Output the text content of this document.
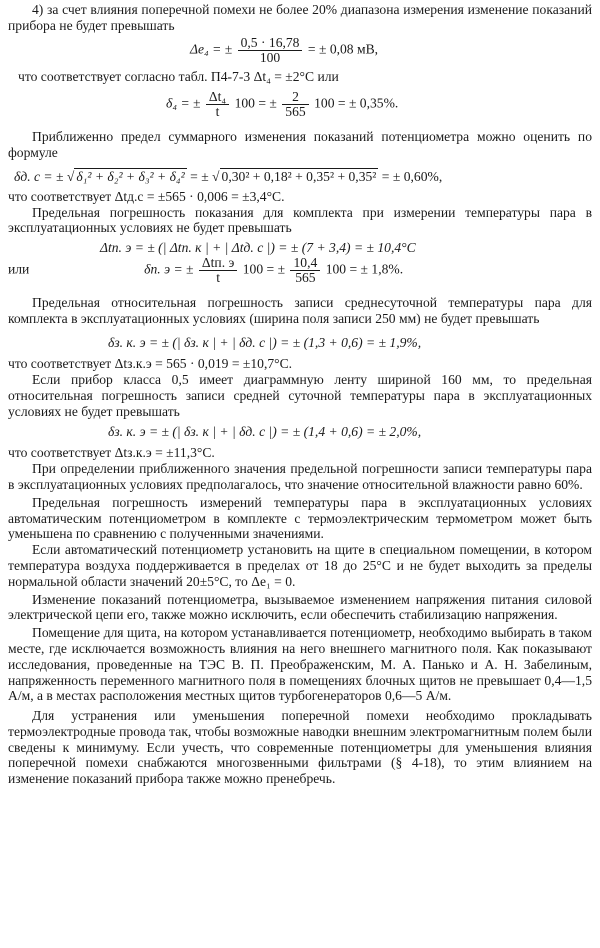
4) за счет влияния поперечной помехи не более 20% диапазона измерения изменение показаний прибора не будет превышать

Δe₄ = ± $\frac{0,5 \cdot 16,78}{100}$ = ± 0,08 мВ,

что соответствует согласно табл. П4-7-3 Δt₄ = ±2°С или

δ₄ = ± $\frac{\text{Δt₄}}{t} 100$ = ± $\frac{2}{565} 100$ = ± 0,35%.

Приближенно предел суммарного изменения показаний потенциометра можно оценить по формуле

δд. с = ± √ δ₁² + δ₂² + δ₃² + δ₄² = ± √ 0,30² + 0,18² + 0,35² + 0,35² = ± 0,60%,

что соответствует Δtд.с = ±565 · 0,006 = ±3,4°С.

Предельная погрешность показания для комплекта при измерении температуры пара в эксплуатационных условиях не будет превышать

Δtп. э = ± (| Δtп. к | + | Δtд. с |) = ± (7 + 3,4) = ± 10,4°С
или	δп. э = ± $\frac{\text{Δtп. э}}{t} 100$ = ± $\frac{10,4}{565} 100$ = ± 1,8%.

Предельная относительная погрешность записи среднесуточной температуры пара для комплекта в эксплуатационных условиях (ширина поля записи 250 мм) не будет превышать

δз. к. э = ± (| δз. к | + | δд. с |) = ± (1,3 + 0,6) = ± 1,9%,

что соответствует Δtз.к.э = 565 · 0,019 = ±10,7°С.

Если прибор класса 0,5 имеет диаграммную ленту шириной 160 мм, то предельная относительная погрешность записи средней суточной температуры пара в эксплуатационных условиях не будет превышать

δз. к. э = ± (| δз. к | + | δд. с |) = ± (1,4 + 0,6) = ± 2,0%,

что соответствует Δtз.к.э = ±11,3°С.

При определении приближенного значения предельной погрешности записи температуры пара в эксплуатационных условиях предполагалось, что значение относительной влажности равно 60%.

Предельная погрешность измерений температуры пара в эксплуатационных условиях автоматическим потенциометром в комплекте с термоэлектрическим термометром может быть уменьшена по сравнению с полученными значениями.

Если автоматический потенциометр установить на щите в специальном помещении, в котором температура воздуха поддерживается в пределах от 18 до 25°С и не будет выходить за пределы нормальной области значений 20±5°С, то Δe₁ = 0.

Изменение показаний потенциометра, вызываемое изменением напряжения питания силовой электрической цепи его, также можно исключить, если обеспечить стабилизацию напряжения.

Помещение для щита, на котором устанавливается потенциометр, необходимо выбирать в таком месте, где исключается возможность влияния на него внешнего магнитного поля. Как показывают исследования, проведенные на ТЭС В. П. Преображенским, М. А. Панько и А. Н. Забелиным, напряженность переменного магнитного поля в помещениях блочных щитов не превышает 0,4—1,5 А/м, а в местах расположения местных щитов турбогенераторов 0,6—5 А/м.

Для устранения или уменьшения поперечной помехи необходимо прокладывать термоэлектродные провода так, чтобы возможные наводки внешним электромагнитным полем были сведены к минимуму. Если учесть, что современные потенциометры для уменьшения влияния поперечной помехи снабжаются многозвенными фильтрами (§ 4-18), то этим влиянием на изменение показаний прибора также можно пренебречь.
